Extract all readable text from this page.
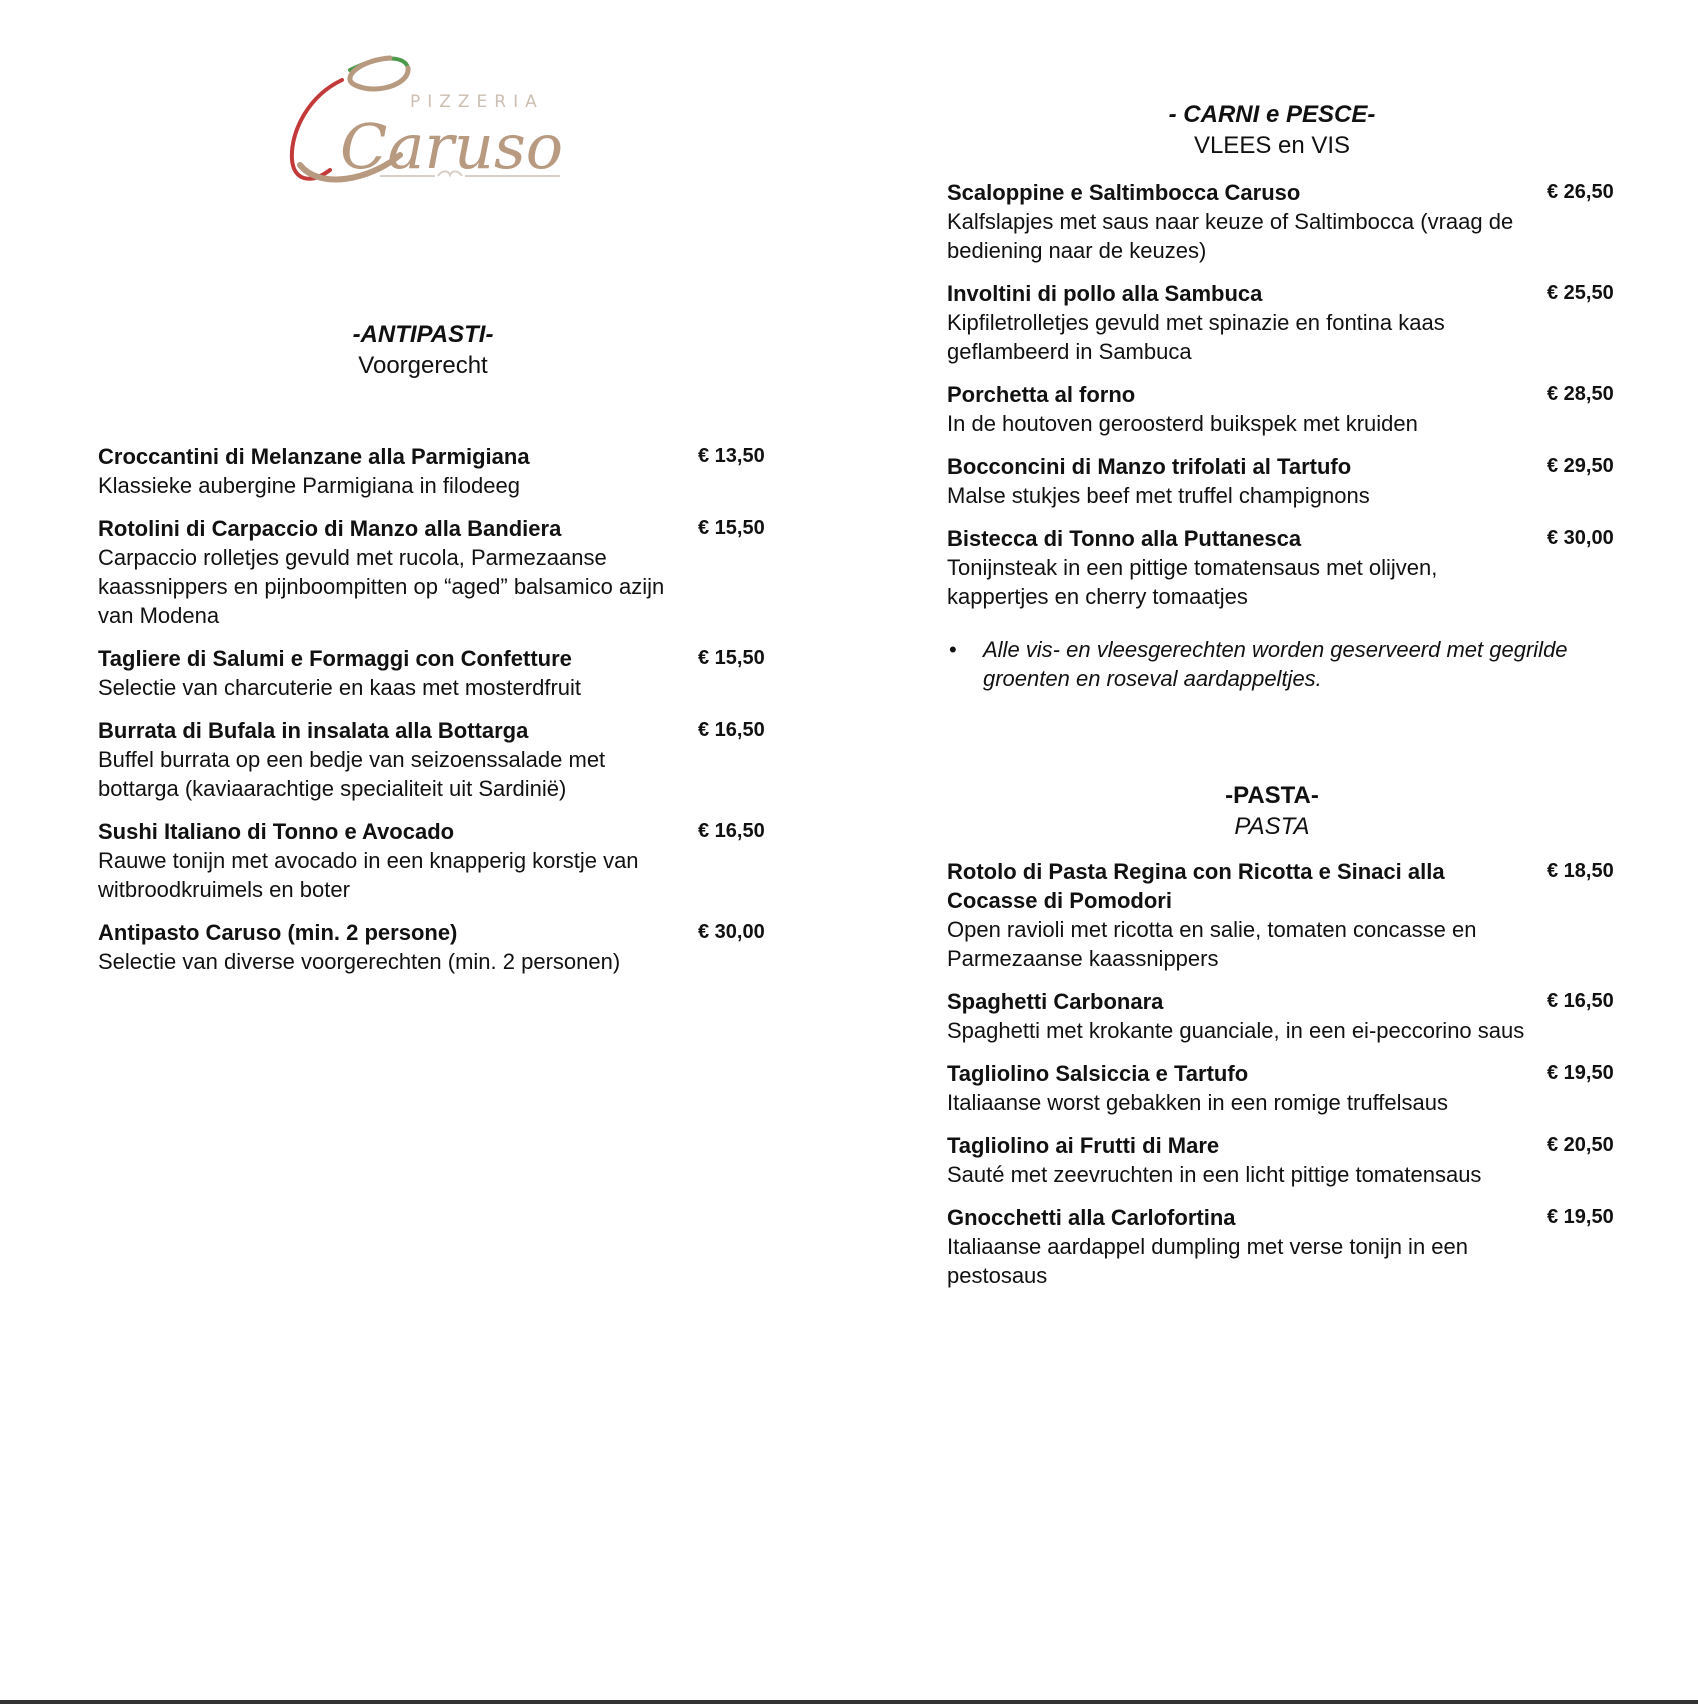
PIZZERIA
Caruso
-ANTIPASTI-
Voorgerecht
Croccantini di Melanzane alla Parmigiana	€ 13,50
Klassieke aubergine Parmigiana in filodeeg
Rotolini di Carpaccio di Manzo alla Bandiera	€ 15,50
Carpaccio rolletjes gevuld met rucola, Parmezaanse kaassnippers en pijnboompitten op “aged” balsamico azijn van Modena
Tagliere di Salumi e Formaggi con Confetture	€ 15,50
Selectie van charcuterie en kaas met mosterdfruit
Burrata di Bufala in insalata alla Bottarga	€ 16,50
Buffel burrata op een bedje van seizoenssalade met bottarga (kaviaarachtige specialiteit uit Sardinië)
Sushi Italiano di Tonno e Avocado	€ 16,50
Rauwe tonijn met avocado in een knapperig korstje van witbroodkruimels en boter
Antipasto Caruso (min. 2 persone)	€ 30,00
Selectie van diverse voorgerechten (min. 2 personen)
- CARNI e PESCE-
VLEES en VIS
Scaloppine e Saltimbocca Caruso	€ 26,50
Kalfslapjes met saus naar keuze of Saltimbocca (vraag de bediening naar de keuzes)
Involtini di pollo alla Sambuca	€ 25,50
Kipfiletrolletjes gevuld met spinazie en fontina kaas geflambeerd in Sambuca
Porchetta al forno	€ 28,50
In de houtoven geroosterd buikspek met kruiden
Bocconcini di Manzo trifolati al Tartufo	€ 29,50
Malse stukjes beef met truffel champignons
Bistecca di Tonno alla Puttanesca	€ 30,00
Tonijnsteak in een pittige tomatensaus met olijven, kappertjes en cherry tomaatjes
• Alle vis- en vleesgerechten worden geserveerd met gegrilde groenten en roseval aardappeltjes.
-PASTA-
PASTA
Rotolo di Pasta Regina con Ricotta e Sinaci alla Cocasse di Pomodori
€ 18,50
Open ravioli met ricotta en salie, tomaten concasse en Parmezaanse kaassnippers
Spaghetti Carbonara	€ 16,50
Spaghetti met krokante guanciale, in een ei-peccorino saus
Tagliolino Salsiccia e Tartufo	€ 19,50
Italiaanse worst gebakken in een romige truffelsaus
Tagliolino ai Frutti di Mare	€ 20,50
Sauté met zeevruchten in een licht pittige tomatensaus
Gnocchetti alla Carlofortina	€ 19,50
Italiaanse aardappel dumpling met verse tonijn in een pestosaus
